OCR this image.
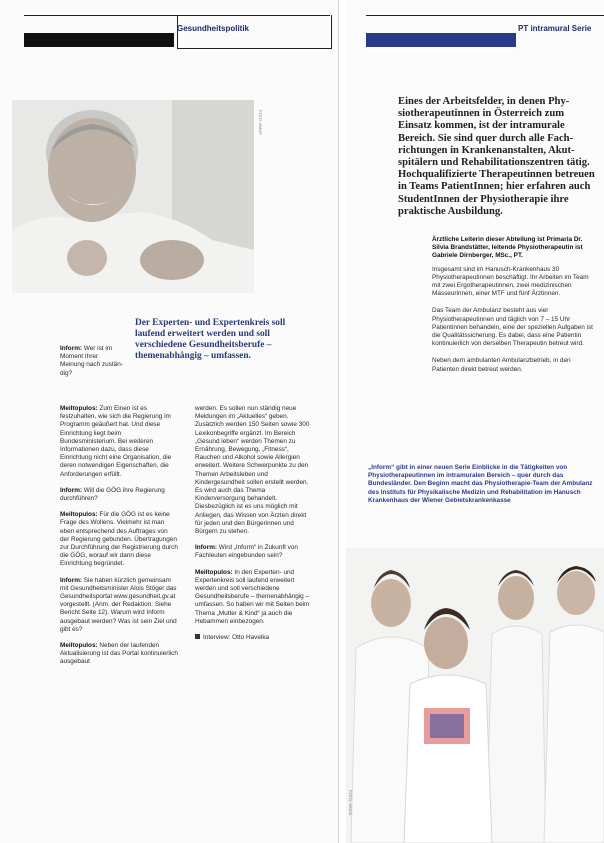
Gesundheitspolitik
FOTO: BMGF
Der Experten- und Expertenkreis soll laufend erweitert werden und soll verschiedene Gesundheitsberufe – themenabhängig – umfassen.

Inform: Wer ist im Moment Ihrer Meinung nach zuständig?

Meiltopulos: Zum Einen ist es festzuhalten, wie sich die Regierung im Programm geäußert hat. Und diese Einrichtung liegt beim Bundesministerium. Bei weiteren Informationen dazu, dass diese Einrichtung nicht eine Organisation, die deren notwendigen Eigenschaften, die Anforderungen erfüllt.

Inform: Will die GÖG ihre Regierung durchführen?

Meiltopulos: Für die GÖG ist es keine Frage des Wollens. Vielmehr ist man eben entsprechend des Auftrages von der Regierung gebunden. Übertragungen zur Durchführung der Registrierung durch die GÖG, worauf wir dann diese Einrichtung begründet.

Inform: Sie haben kürzlich gemeinsam mit Gesundheitsminister Alois Stöger das Gesundheitsportal www.gesundheit.gv.at vorgestellt. (Anm. der Redaktion: Siehe Bericht Seite 12). Warum wird Inform ausgebaut werden? Was ist sein Ziel und gibt es?

Meiltopulos: Neben der laufenden Aktualisierung ist das Portal kontinuierlich ausgebaut

werden. Es sollen nun ständig neue Meldungen im „Aktuelles“ geben. Zusätzlich werden 150 Seiten sowie 300 Lexikonbegriffe ergänzt. Im Bereich „Gesund leben“ werden Themen zu Ernährung, Bewegung, „Fitness“, Rauchen und Alkohol sowie Allergien erweitert. Weitere Schwerpunkte zu den Themen Arbeitsleben und Kindergesundheit sollen erstellt werden. Es wird auch das Thema Kinderversorgung behandelt. Diesbezüglich ist es uns möglich mit Anliegen, das Wissen von Ärzten direkt für jeden und den Bürgerinnen und Bürgern zu stehen.

Inform: Wird „Inform“ in Zukunft von Fachleuten eingebunden sein?

Meiltopulos: In den Experten- und Expertenkreis soll laufend erweitert werden und soll verschiedene Gesundheitsberufe – themenabhängig – umfassen. So haben wir mit Seiten beim Thema „Mutter & Kind“ ja auch die Hebammen einbezogen.

Interview: Otto Havelka

PT intramural Serie
Eines der Arbeitsfelder, in denen Physiotherapeutinnen in Österreich zum Einsatz kommen, ist der intramurale Bereich. Sie sind quer durch alle Fachrichtungen in Krankenanstalten, Akutspitälern und Rehabilitationszentren tätig. Hochqualifizierte Therapeutinnen betreuen in Teams PatientInnen; hier erfahren auch StudentInnen der Physiotherapie ihre praktische Ausbildung.

Ärztliche Leiterin dieser Abteilung ist Primaria Dr. Silvia Brandstätter, leitende Physiotherapeutin ist Gabriele Dirnberger, MSc., PT.

Insgesamt sind im Hanusch-Krankenhaus 30 Physiotherapeutinnen beschäftigt. Ihr Arbeiten im Team mit zwei Ergotherapeutinnen, zwei medizinischen Masseurinnen, einer MTF und fünf Ärztinnen.

Das Team der Ambulanz besteht aus vier Physiotherapeutinnen und täglich von 7 – 15 Uhr Patientinnen behandeln, eine der speziellen Aufgaben ist die Qualitätssicherung. Es dabei, dass eine Patientin kontinuierlich von derselben Therapeutin betreut wird.

Neben dem ambulanten Ambulanzbetrieb, in den Patienten direkt betreut werden.

„Inform“ gibt in einer neuen Serie Einblicke in die Tätigkeiten von Physiotherapeutinnen im intramuralen Bereich – quer durch das Bundesländer. Den Beginn macht das Physiotherapie-Team der Ambulanz des Instituts für Physikalische Medizin und Rehabilitation im Hanusch Krankenhaus der Wiener Gebietskrankenkasse

FOTO: WGKK
